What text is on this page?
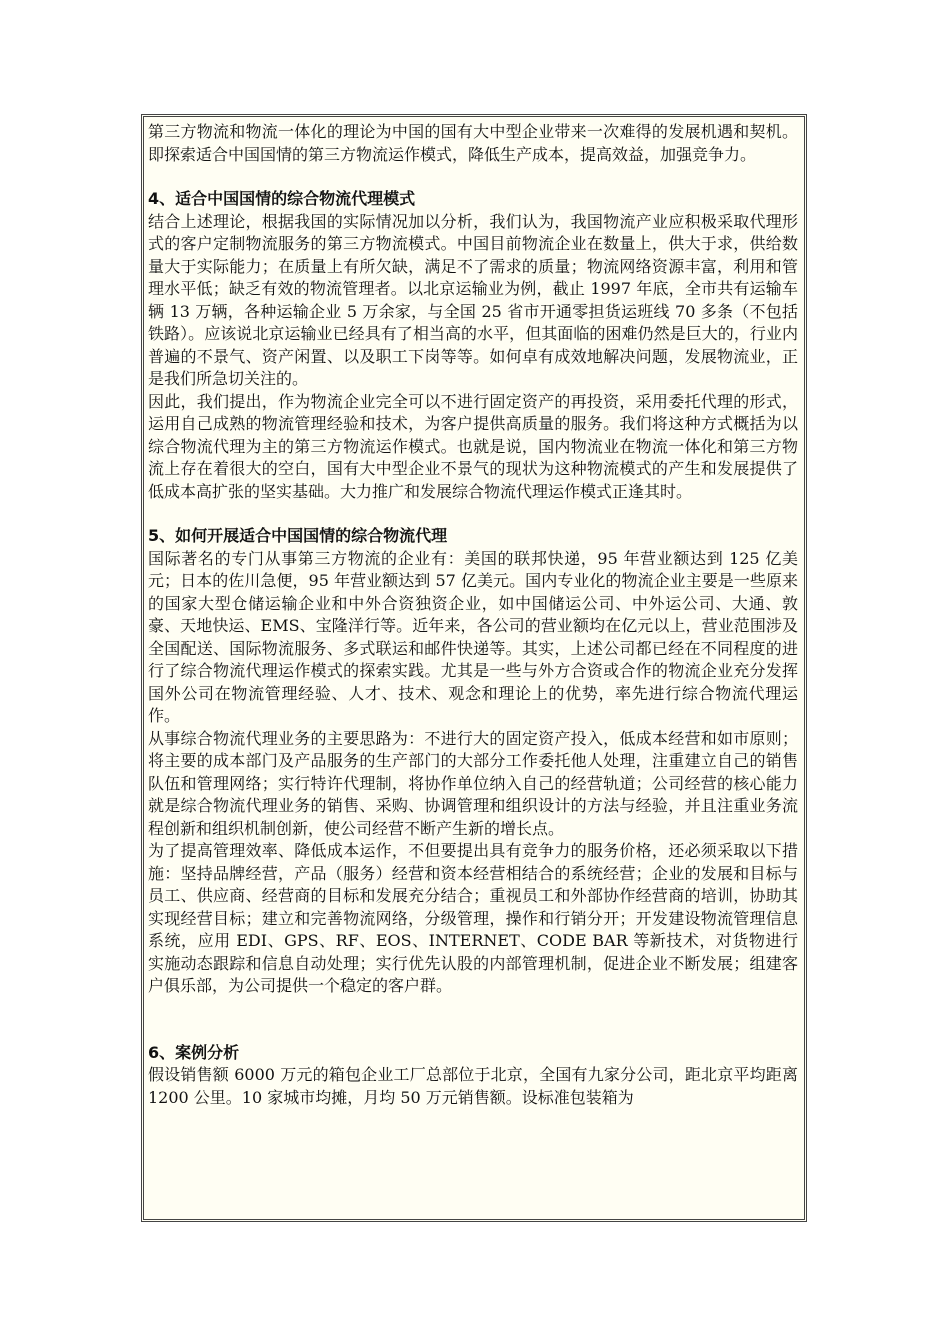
第三方物流和物流一体化的理论为中国的国有大中型企业带来一次难得的发展机遇和契机。即探索适合中国国情的第三方物流运作模式，降低生产成本，提高效益，加强竞争力。

4、适合中国国情的综合物流代理模式

结合上述理论，根据我国的实际情况加以分析，我们认为，我国物流产业应积极采取代理形式的客户定制物流服务的第三方物流模式。中国目前物流企业在数量上，供大于求，供给数量大于实际能力；在质量上有所欠缺，满足不了需求的质量；物流网络资源丰富，利用和管理水平低；缺乏有效的物流管理者。以北京运输业为例，截止 1997 年底，全市共有运输车辆 13 万辆，各种运输企业 5 万余家，与全国 25 省市开通零担货运班线 70 多条（不包括铁路）。应该说北京运输业已经具有了相当高的水平，但其面临的困难仍然是巨大的，行业内普遍的不景气、资产闲置、以及职工下岗等等。如何卓有成效地解决问题，发展物流业，正是我们所急切关注的。

因此，我们提出，作为物流企业完全可以不进行固定资产的再投资，采用委托代理的形式，运用自己成熟的物流管理经验和技术，为客户提供高质量的服务。我们将这种方式概括为以综合物流代理为主的第三方物流运作模式。也就是说，国内物流业在物流一体化和第三方物流上存在着很大的空白，国有大中型企业不景气的现状为这种物流模式的产生和发展提供了低成本高扩张的坚实基础。大力推广和发展综合物流代理运作模式正逢其时。

5、如何开展适合中国国情的综合物流代理

国际著名的专门从事第三方物流的企业有：美国的联邦快递，95 年营业额达到 125 亿美元；日本的佐川急便，95 年营业额达到 57 亿美元。国内专业化的物流企业主要是一些原来的国家大型仓储运输企业和中外合资独资企业，如中国储运公司、中外运公司、大通、敦豪、天地快运、EMS、宝隆洋行等。近年来，各公司的营业额均在亿元以上，营业范围涉及全国配送、国际物流服务、多式联运和邮件快递等。其实，上述公司都已经在不同程度的进行了综合物流代理运作模式的探索实践。尤其是一些与外方合资或合作的物流企业充分发挥国外公司在物流管理经验、人才、技术、观念和理论上的优势，率先进行综合物流代理运作。

从事综合物流代理业务的主要思路为：不进行大的固定资产投入，低成本经营和如市原则；将主要的成本部门及产品服务的生产部门的大部分工作委托他人处理，注重建立自己的销售队伍和管理网络；实行特许代理制，将协作单位纳入自己的经营轨道；公司经营的核心能力就是综合物流代理业务的销售、采购、协调管理和组织设计的方法与经验，并且注重业务流程创新和组织机制创新，使公司经营不断产生新的增长点。

为了提高管理效率、降低成本运作，不但要提出具有竞争力的服务价格，还必须采取以下措施：坚持品牌经营，产品（服务）经营和资本经营相结合的系统经营；企业的发展和目标与员工、供应商、经营商的目标和发展充分结合；重视员工和外部协作经营商的培训，协助其实现经营目标；建立和完善物流网络，分级管理，操作和行销分开；开发建设物流管理信息系统，应用 EDI、GPS、RF、EOS、INTERNET、CODE BAR 等新技术，对货物进行实施动态跟踪和信息自动处理；实行优先认股的内部管理机制，促进企业不断发展；组建客户俱乐部，为公司提供一个稳定的客户群。

6、案例分析

假设销售额 6000 万元的箱包企业工厂总部位于北京，全国有九家分公司，距北京平均距离 1200 公里。10 家城市均摊，月均 50 万元销售额。设标准包装箱为
